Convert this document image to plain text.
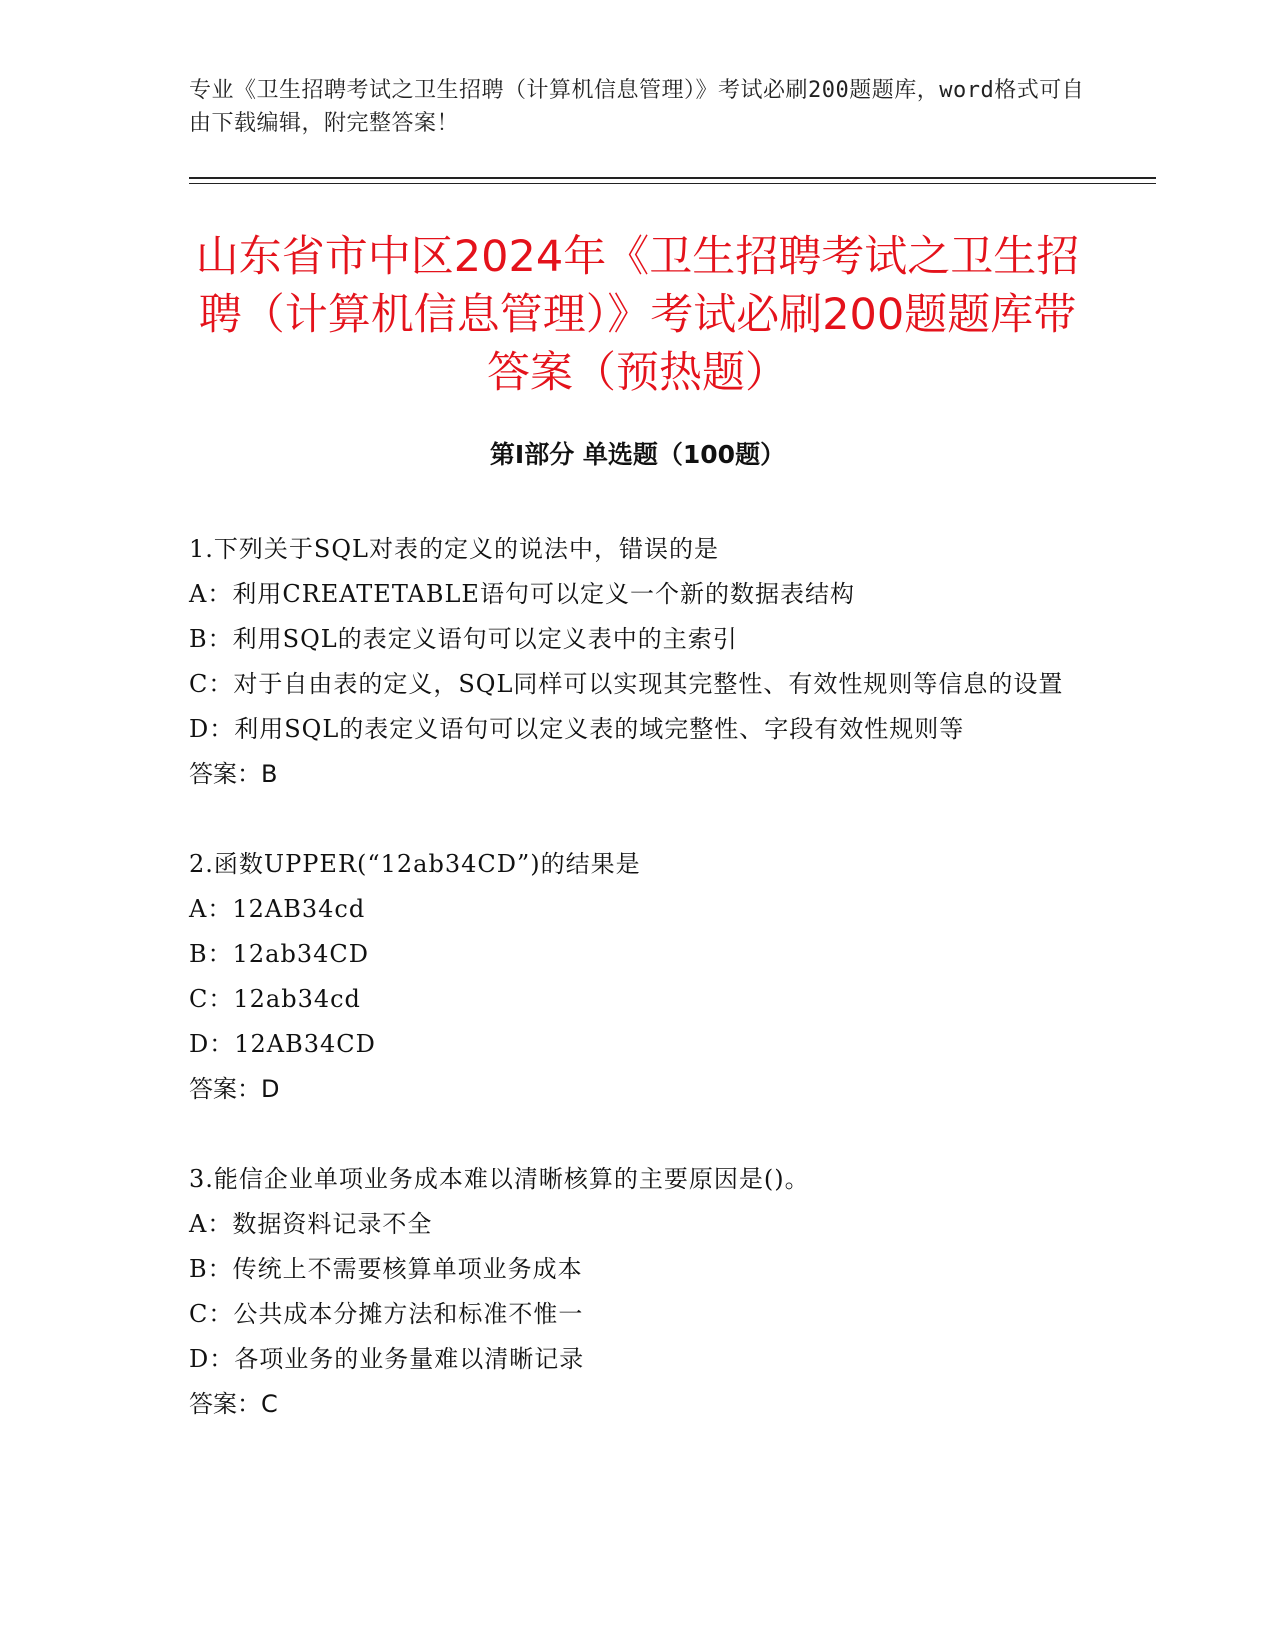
专业《卫生招聘考试之卫生招聘（计算机信息管理）》考试必刷200题题库，word格式可自由下载编辑，附完整答案！
山东省市中区2024年《卫生招聘考试之卫生招聘（计算机信息管理）》考试必刷200题题库带答案（预热题）
第Ⅰ部分 单选题（100题）

1.下列关于SQL对表的定义的说法中，错误的是

A：利用CREATETABLE语句可以定义一个新的数据表结构

B：利用SQL的表定义语句可以定义表中的主索引

C：对于自由表的定义，SQL同样可以实现其完整性、有效性规则等信息的设置

D：利用SQL的表定义语句可以定义表的域完整性、字段有效性规则等

答案：B

2.函数UPPER(“12ab34CD”)的结果是

A：12AB34cd

B：12ab34CD

C：12ab34cd

D：12AB34CD

答案：D

3.能信企业单项业务成本难以清晰核算的主要原因是()。

A：数据资料记录不全

B：传统上不需要核算单项业务成本

C：公共成本分摊方法和标准不惟一

D：各项业务的业务量难以清晰记录

答案：C
